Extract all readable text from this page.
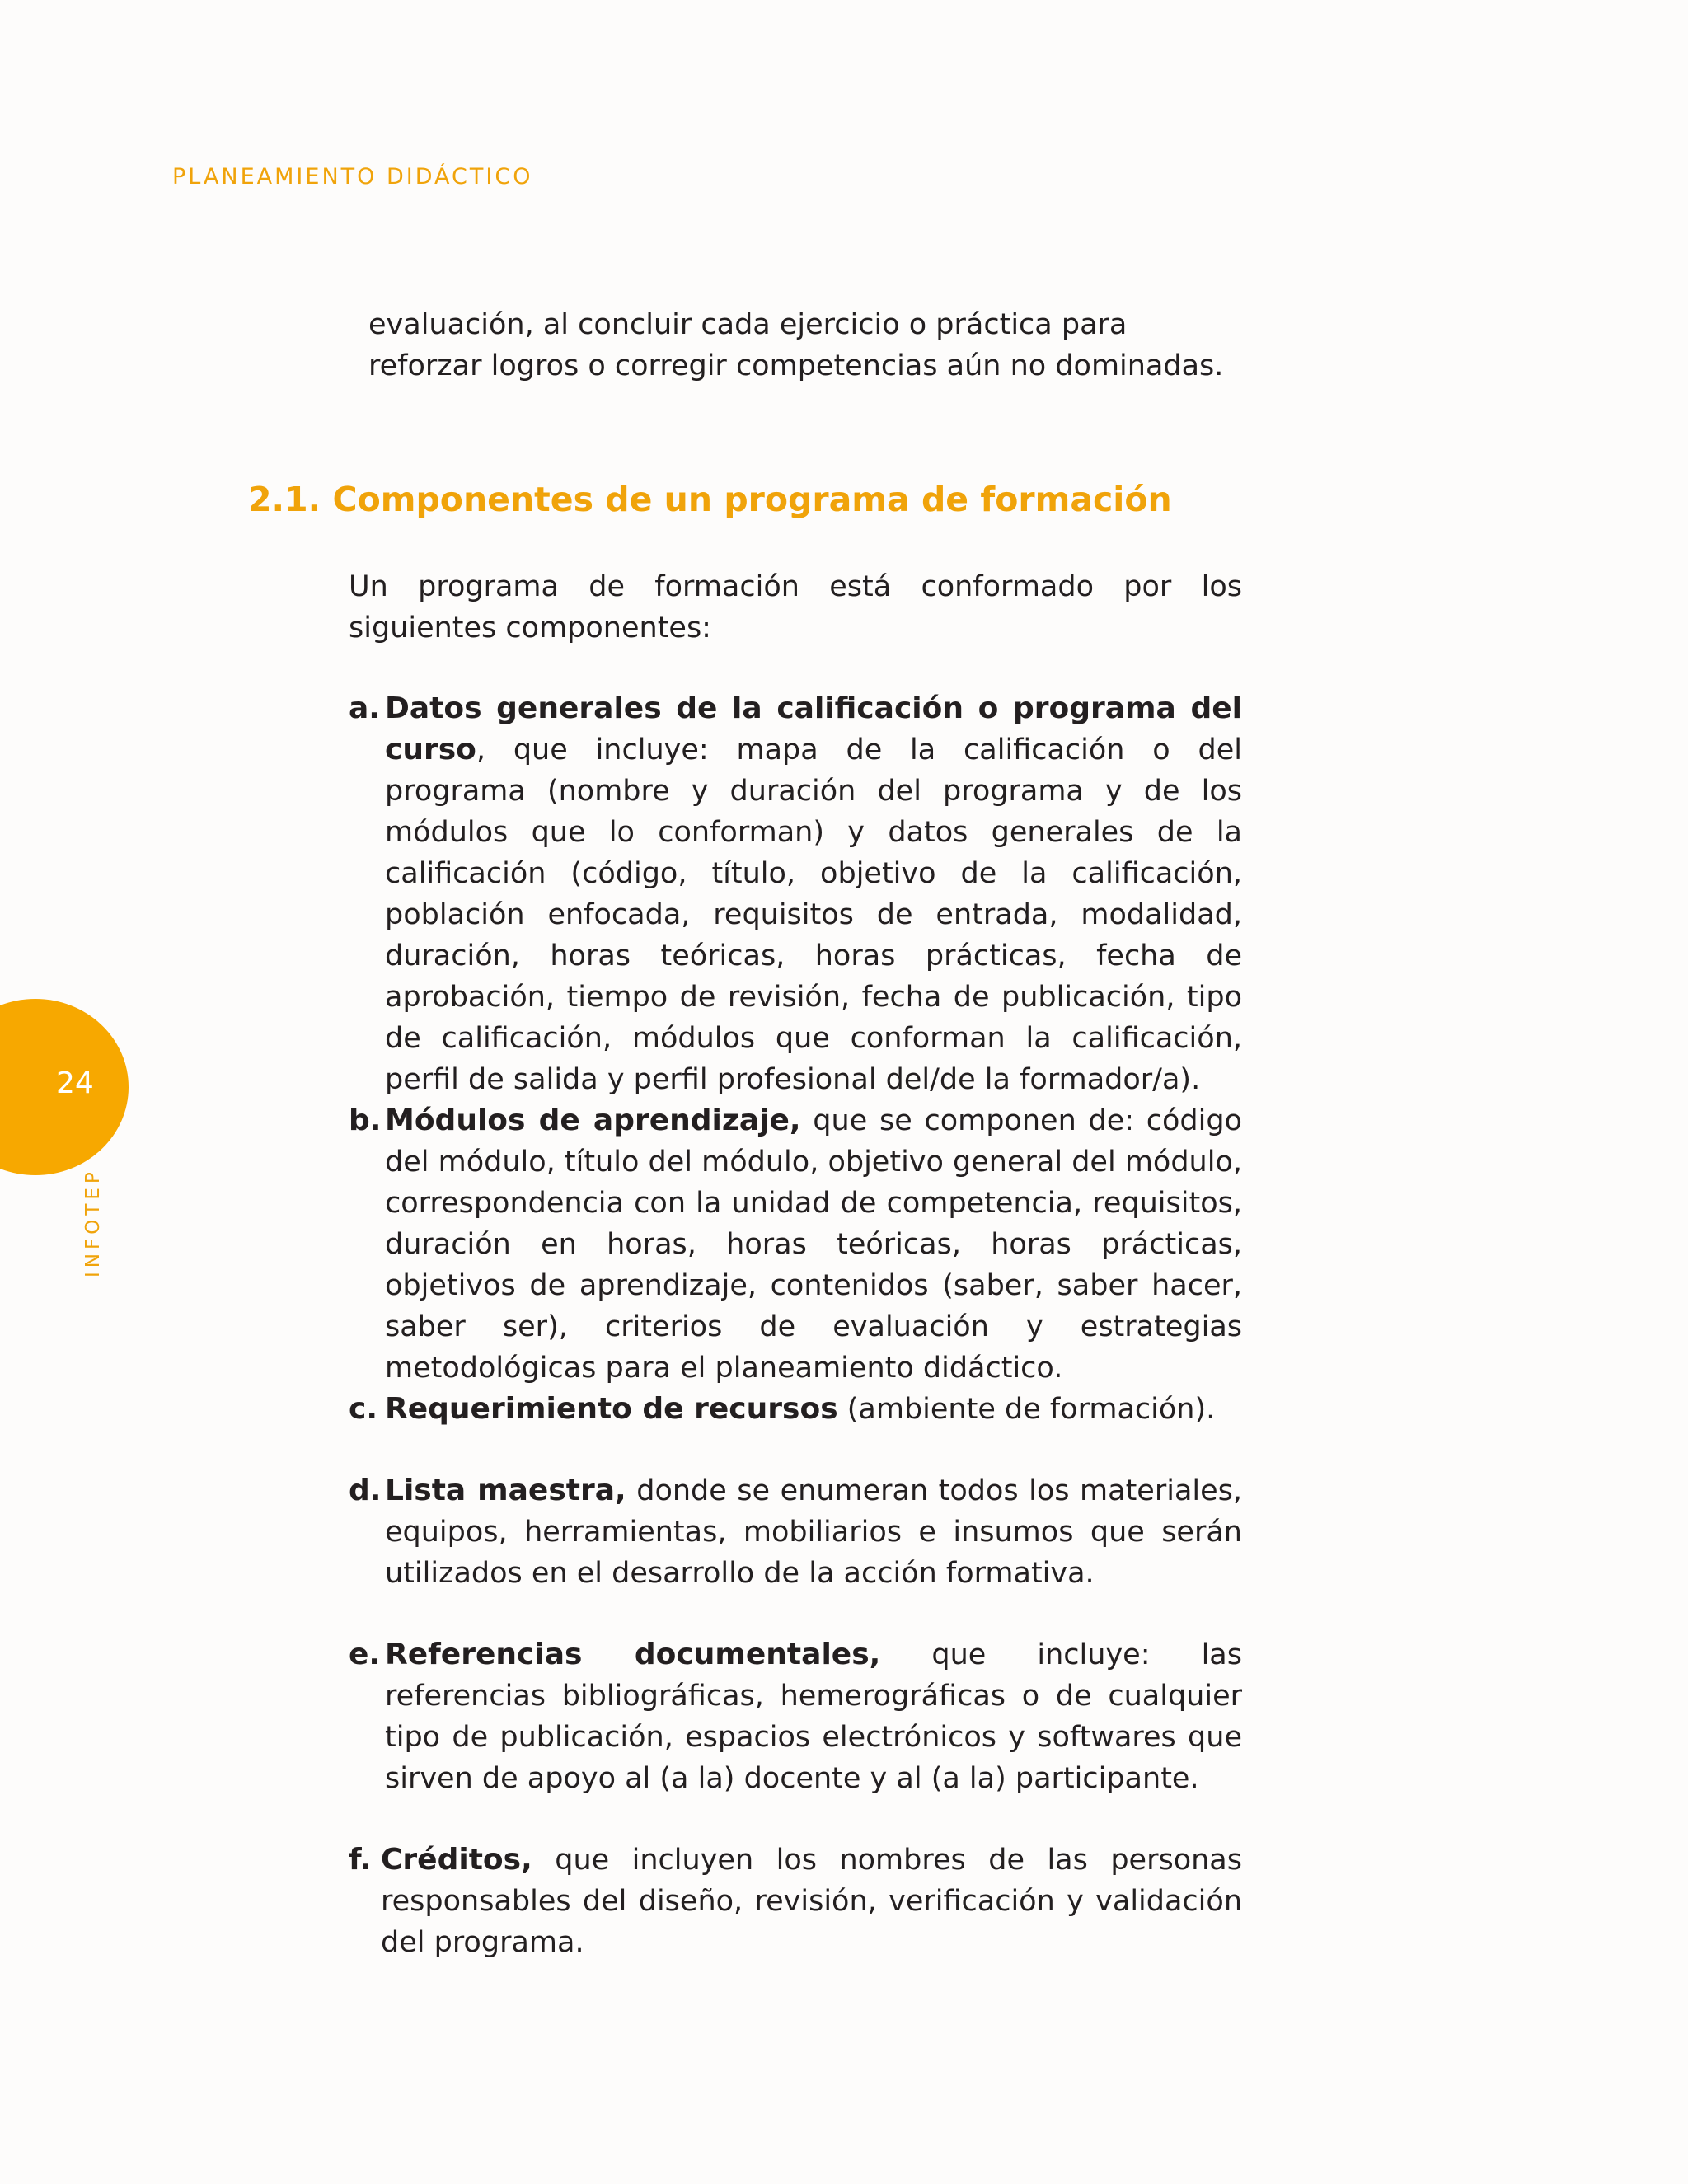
PLANEAMIENTO DIDÁCTICO

evaluación, al concluir cada ejercicio o práctica para reforzar logros o corregir competencias aún no dominadas.

2.1. Componentes de un programa de formación

Un programa de formación está conformado por los siguientes componentes:

a. Datos generales de la calificación o programa del curso, que incluye: mapa de la calificación o del programa (nombre y duración del programa y de los módulos que lo conforman) y datos generales de la calificación (código, título, objetivo de la calificación, población enfocada, requisitos de entrada, modalidad, duración, horas teóricas, horas prácticas, fecha de aprobación, tiempo de revisión, fecha de publicación, tipo de calificación, módulos que conforman la calificación, perfil de salida y perfil profesional del/de la formador/a).
b. Módulos de aprendizaje, que se componen de: código del módulo, título del módulo, objetivo general del módulo, correspondencia con la unidad de competencia, requisitos, duración en horas, horas teóricas, horas prácticas, objetivos de aprendizaje, contenidos (saber, saber hacer, saber ser), criterios de evaluación y estrategias metodológicas para el planeamiento didáctico.
c. Requerimiento de recursos (ambiente de formación).
d. Lista maestra, donde se enumeran todos los materiales, equipos, herramientas, mobiliarios e insumos que serán utilizados en el desarrollo de la acción formativa.
e. Referencias documentales, que incluye: las referencias bibliográficas, hemerográficas o de cualquier tipo de publicación, espacios electrónicos y softwares que sirven de apoyo al (a la) docente y al (a la) participante.
f. Créditos, que incluyen los nombres de las personas responsables del diseño, revisión, verificación y validación del programa.
24
INFOTEP
